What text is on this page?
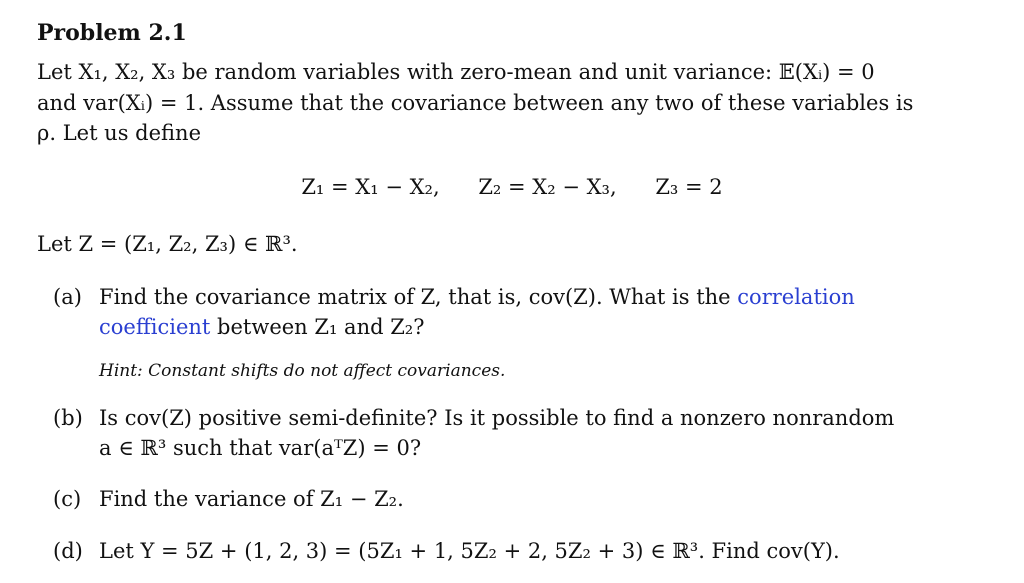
Problem 2.1
Let X₁, X₂, X₃ be random variables with zero-mean and unit variance: 𝔼(Xᵢ) = 0
and var(Xᵢ) = 1. Assume that the covariance between any two of these variables is
ρ. Let us define
Z₁ = X₁ − X₂, Z₂ = X₂ − X₃, Z₃ = 2
Let Z = (Z₁, Z₂, Z₃) ∈ ℝ³.
(a) Find the covariance matrix of Z, that is, cov(Z). What is the correlation
coefficient between Z₁ and Z₂?
Hint: Constant shifts do not affect covariances.
(b) Is cov(Z) positive semi-definite? Is it possible to find a nonzero nonrandom
a ∈ ℝ³ such that var(aᵀZ) = 0?
(c) Find the variance of Z₁ − Z₂.
(d) Let Y = 5Z + (1, 2, 3) = (5Z₁ + 1, 5Z₂ + 2, 5Z₂ + 3) ∈ ℝ³. Find cov(Y).
